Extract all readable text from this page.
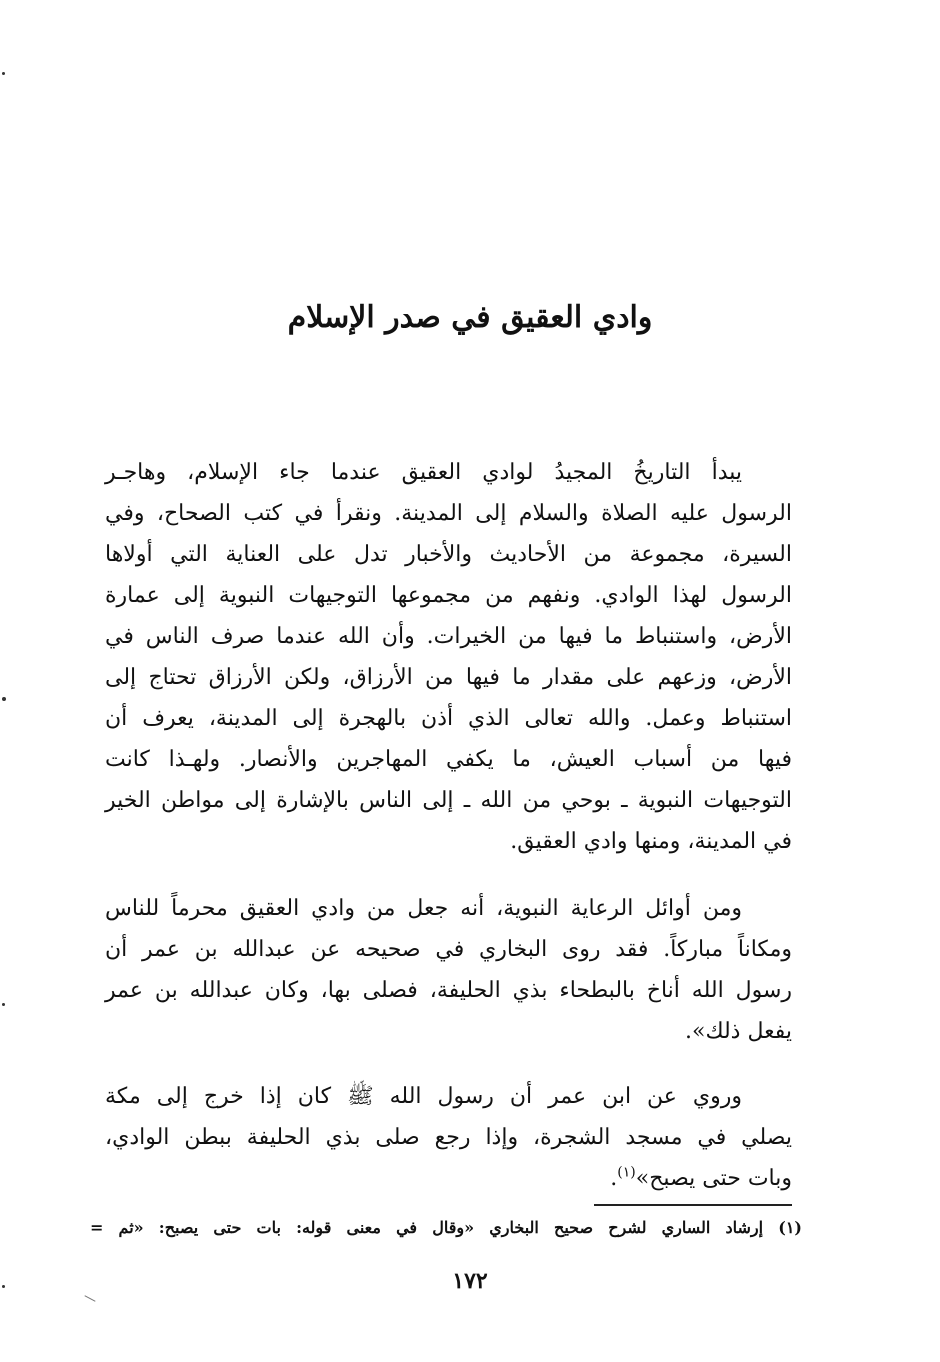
وادي العقيق في صدر الإسلام
يبدأ التاريخُ المجيدُ لوادي العقيق عندما جاء الإسلام، وهاجـر
الرسول عليه الصلاة والسلام إلى المدينة. ونقرأ في كتب الصحاح، وفي
السيرة، مجموعة من الأحاديث والأخبار تدل على العناية التي أولاها
الرسول لهذا الوادي. ونفهم من مجموعها التوجيهات النبوية إلى عمارة
الأرض، واستنباط ما فيها من الخيرات. وأن الله عندما صرف الناس في
الأرض، وزعهم على مقدار ما فيها من الأرزاق، ولكن الأرزاق تحتاج إلى
استنباط وعمل. والله تعالى الذي أذن بالهجرة إلى المدينة، يعرف أن
فيها من أسباب العيش، ما يكفي المهاجرين والأنصار. ولهـذا كانت
التوجيهات النبوية ـ بوحي من الله ـ إلى الناس بالإشارة إلى مواطن الخير
في المدينة، ومنها وادي العقيق.
ومن أوائل الرعاية النبوية، أنه جعل من وادي العقيق محرماً للناس
ومكاناً مباركاً. فقد روى البخاري في صحيحه عن عبدالله بن عمر أن
رسول الله أناخ بالبطحاء بذي الحليفة، فصلى بها، وكان عبدالله بن عمر
يفعل ذلك».
وروي عن ابن عمر أن رسول الله ﷺ كان إذا خرج إلى مكة
يصلي في مسجد الشجرة، وإذا رجع صلى بذي الحليفة ببطن الوادي،
وبات حتى يصبح»$^{(١)}$.

(١) إرشاد الساري لشرح صحيح البخاري «وقال في معنى قوله: بات حتى يصبح: «ثم =

١٧٢
